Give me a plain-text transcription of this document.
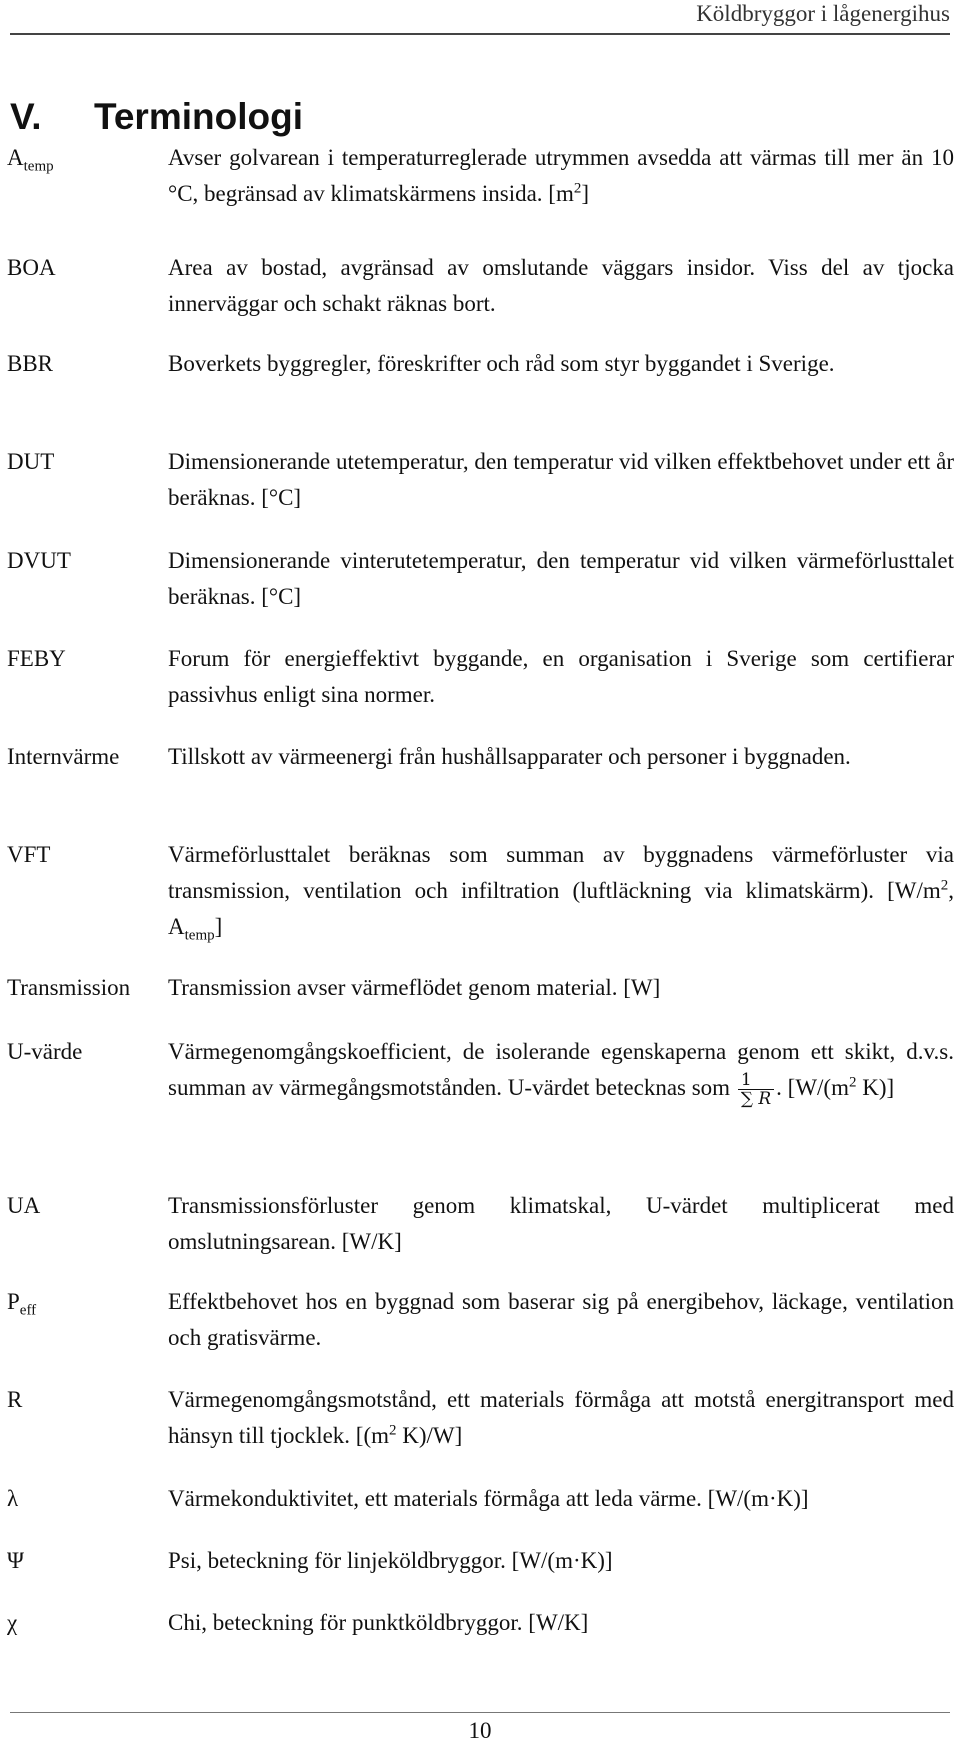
Köldbryggor i lågenergihus
V. Terminologi
$A_{temp}$	Avser golvarean i temperaturreglerade utrymmen avsedda att värmas till mer än 10 °C, begränsad av klimatskärmens insida. $[m^2]$
BOA	Area av bostad, avgränsad av omslutande väggars insidor. Viss del av tjocka innerväggar och schakt räknas bort.
BBR	Boverkets byggregler, föreskrifter och råd som styr byggandet i Sverige.
DUT	Dimensionerande utetemperatur, den temperatur vid vilken effektbehovet under ett år beräknas. [°C]
DVUT	Dimensionerande vinterutetemperatur, den temperatur vid vilken värmeförlusttalet beräknas. [°C]
FEBY	Forum för energieffektivt byggande, en organisation i Sverige som certifierar passivhus enligt sina normer.
Internvärme	Tillskott av värmeenergi från hushållsapparater och personer i byggnaden.
VFT	Värmeförlusttalet beräknas som summan av byggnadens värmeförluster via transmission, ventilation och infiltration (luftläckning via klimatskärm). [$W/m^2$, $A_{temp}$]
Transmission	Transmission avser värmeflödet genom material. [W]
U-värde	Värmegenomgångskoefficient, de isolerande egenskaperna genom ett skikt, d.v.s. summan av värmegångsmotstånden. U-värdet betecknas som $\frac{1}{\sum R}$ . [$W/(m^2$ K)]
UA	Transmissionsförluster genom klimatskal, U-värdet multiplicerat med omslutningsarean. [W/K]
$P_{eff}$	Effektbehovet hos en byggnad som baserar sig på energibehov, läckage, ventilation och gratisvärme.
R	Värmegenomgångsmotstånd, ett materials förmåga att motstå energitransport med hänsyn till tjocklek. [($m^2$ K)/W]
λ	Värmekonduktivitet, ett materials förmåga att leda värme. [W/(m·K)]
Ψ	Psi, beteckning för linjeköldbryggor. [W/(m·K)]
χ	Chi, beteckning för punktköldbryggor. [W/K]
10
